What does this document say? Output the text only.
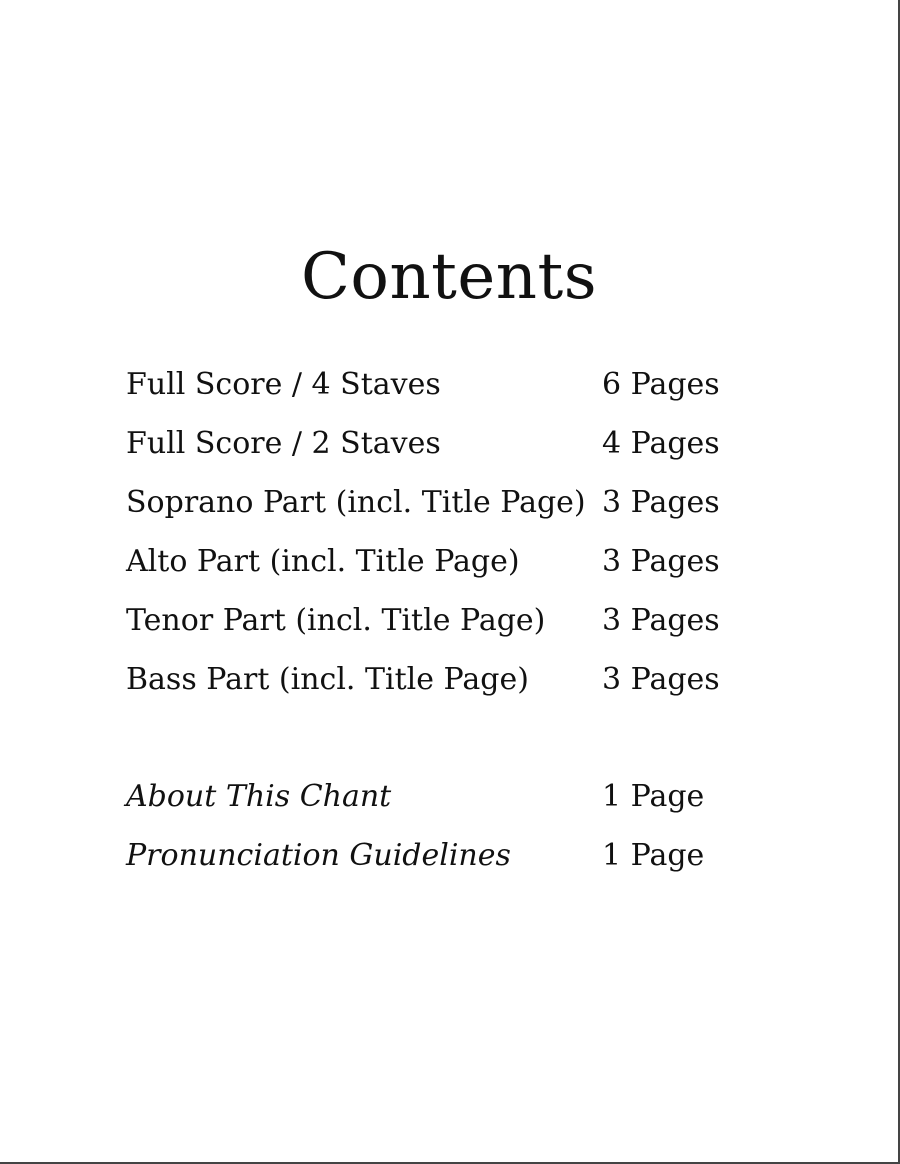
Contents
Full Score / 4 Staves	6 Pages
Full Score / 2 Staves	4 Pages
Soprano Part (incl. Title Page) 3 Pages
Alto Part (incl. Title Page)	3 Pages
Tenor Part (incl. Title Page) 3 Pages
Bass Part (incl. Title Page) 3 Pages
About This Chant	1 Page
Pronunciation Guidelines	1 Page
